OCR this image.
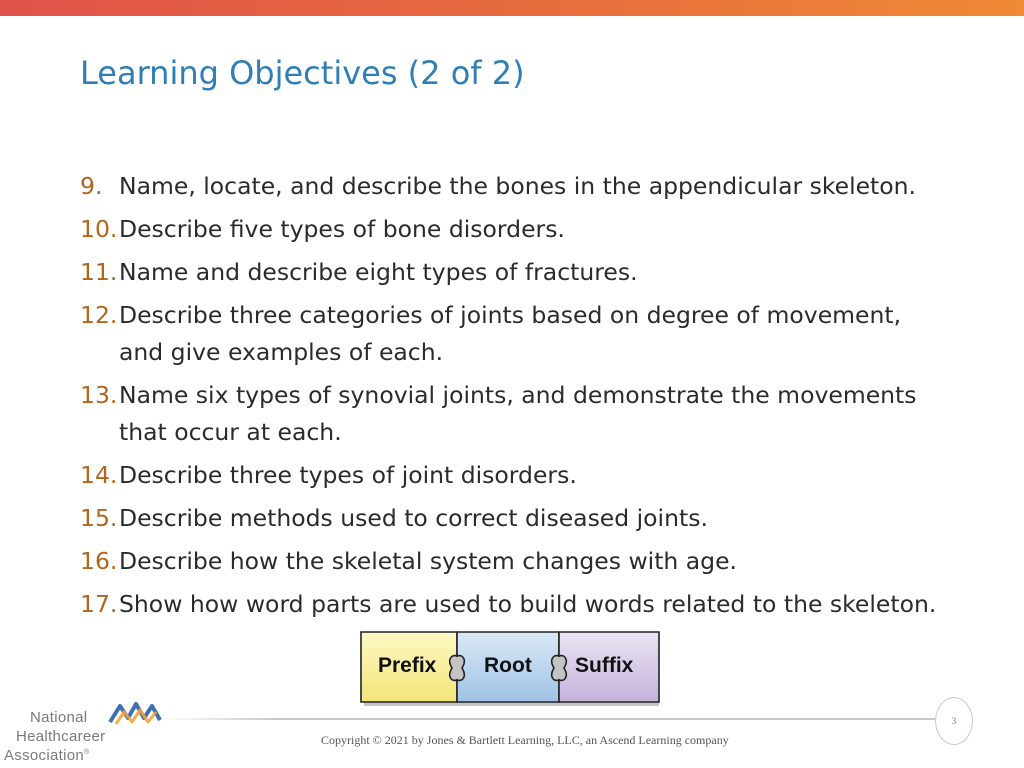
Learning Objectives (2 of 2)
9. Name, locate, and describe the bones in the appendicular skeleton.
10. Describe five types of bone disorders.
11. Name and describe eight types of fractures.
12. Describe three categories of joints based on degree of movement, and give examples of each.
13. Name six types of synovial joints, and demonstrate the movements that occur at each.
14. Describe three types of joint disorders.
15. Describe methods used to correct diseased joints.
16. Describe how the skeletal system changes with age.
17. Show how word parts are used to build words related to the skeleton.
Prefix Root Suffix
National
Healthcareer
Association®
3
Copyright © 2021 by Jones & Bartlett Learning, LLC, an Ascend Learning company
